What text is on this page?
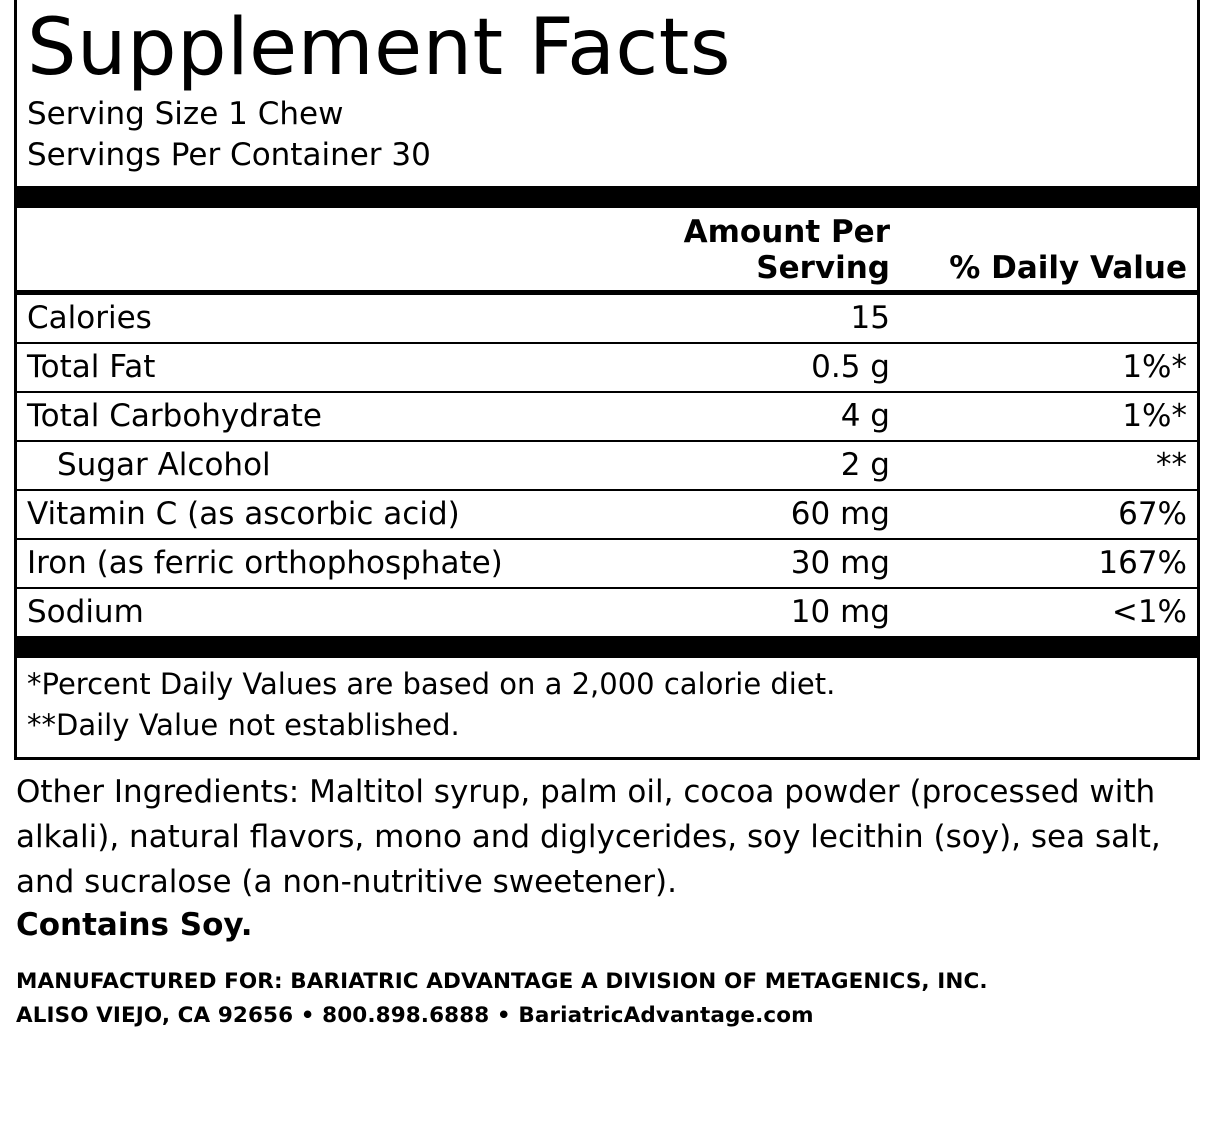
Supplement Facts
Serving Size 1 Chew
Servings Per Container 30
	Amount Per Serving	% Daily Value
Calories	15	
Total Fat	0.5 g	1%*
Total Carbohydrate	4 g	1%*
Sugar Alcohol	2 g	**
Vitamin C (as ascorbic acid)	60 mg	67%
Iron (as ferric orthophosphate)	30 mg	167%
Sodium	10 mg	<1%
*Percent Daily Values are based on a 2,000 calorie diet.
**Daily Value not established.
Other Ingredients: Maltitol syrup, palm oil, cocoa powder (processed with alkali), natural flavors, mono and diglycerides, soy lecithin (soy), sea salt, and sucralose (a non-nutritive sweetener).
Contains Soy.
MANUFACTURED FOR: BARIATRIC ADVANTAGE A DIVISION OF METAGENICS, INC.
ALISO VIEJO, CA 92656 • 800.898.6888 • BariatricAdvantage.com
